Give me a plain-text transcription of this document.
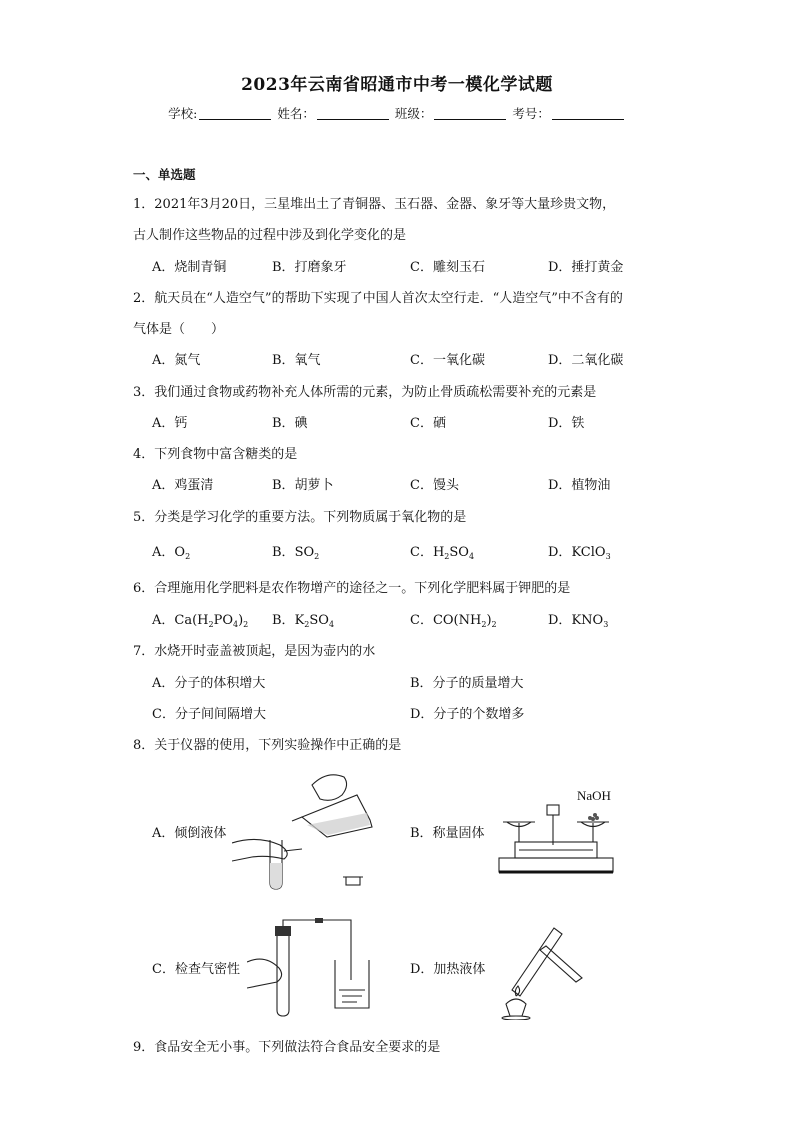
2023年云南省昭通市中考一模化学试题
学校:	姓名：	班级：	考号：
一、单选题
1．2021年3月20日，三星堆出土了青铜器、玉石器、金器、象牙等大量珍贵文物，
古人制作这些物品的过程中涉及到化学变化的是
A．烧制青铜	B．打磨象牙	C．雕刻玉石	D．捶打黄金
2．航天员在“人造空气”的帮助下实现了中国人首次太空行走．“人造空气”中不含有的
气体是（　　）
A．氮气	B．氧气	C．一氧化碳	D．二氧化碳
3．我们通过食物或药物补充人体所需的元素，为防止骨质疏松需要补充的元素是
A．钙	B．碘	C．硒	D．铁
4．下列食物中富含糖类的是
A．鸡蛋清	B．胡萝卜	C．馒头	D．植物油
5．分类是学习化学的重要方法。下列物质属于氧化物的是
A．$O_2$	B．$SO_2$	C．$H_2SO_4$	D．KClO$_3$
6．合理施用化学肥料是农作物增产的途径之一。下列化学肥料属于钾肥的是
A．$Ca(H_2PO_4)_2$ B．$K_2SO_4$	C．$CO(NH_2)_2$	D．$KNO_3$
7．水烧开时壶盖被顶起，是因为壶内的水
A．分子的体积增大	B．分子的质量增大
C．分子间间隔增大	D．分子的个数增多
8．关于仪器的使用，下列实验操作中正确的是
A．倾倒液体	B．称量固体
C．检查气密性	D．加热液体
NaOH
9．食品安全无小事。下列做法符合食品安全要求的是
